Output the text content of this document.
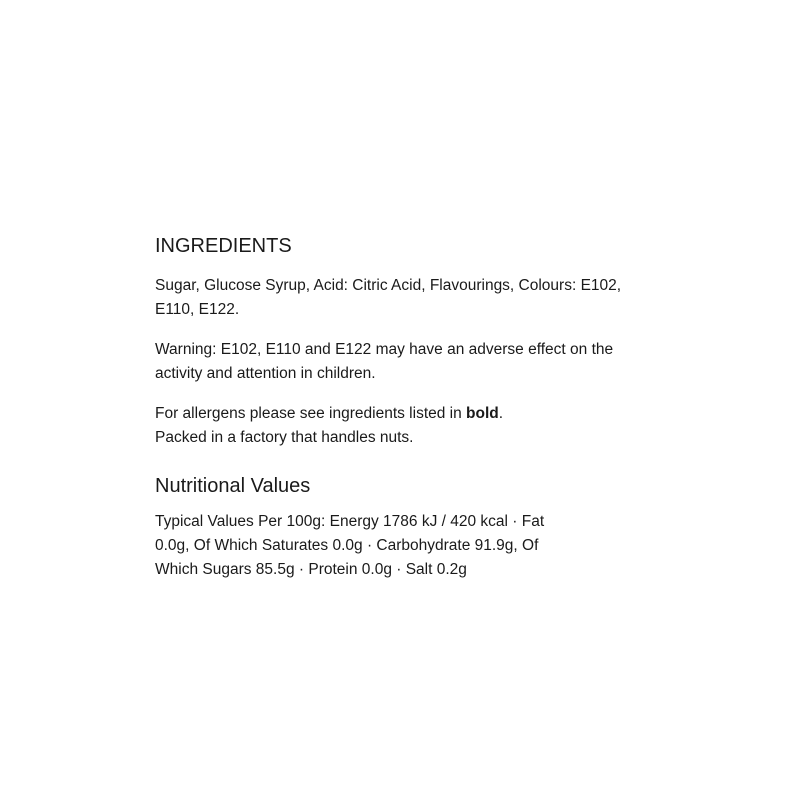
INGREDIENTS

Sugar, Glucose Syrup, Acid: Citric Acid, Flavourings, Colours: E102,
E110, E122.

Warning: E102, E110 and E122 may have an adverse effect on the
activity and attention in children.

For allergens please see ingredients listed in bold.
Packed in a factory that handles nuts.

Nutritional Values

Typical Values Per 100g: Energy 1786 kJ / 420 kcal · Fat
0.0g, Of Which Saturates 0.0g · Carbohydrate 91.9g, Of
Which Sugars 85.5g · Protein 0.0g · Salt 0.2g
